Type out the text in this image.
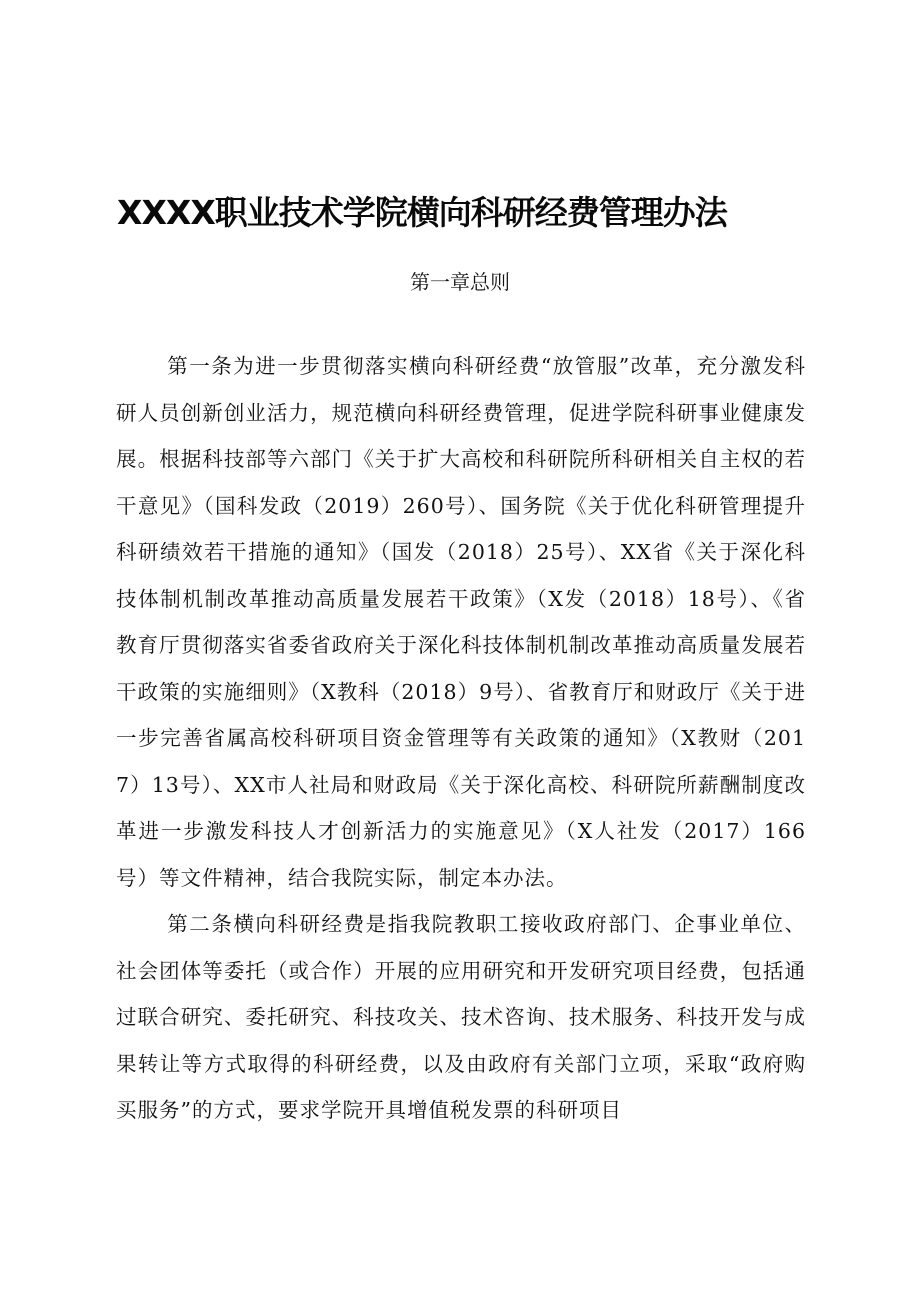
XXXX职业技术学院横向科研经费管理办法
第一章总则

第一条为进一步贯彻落实横向科研经费“放管服”改革，充分激发科研人员创新创业活力，规范横向科研经费管理，促进学院科研事业健康发展。根据科技部等六部门《关于扩大高校和科研院所科研相关自主权的若干意见》（国科发政（2019）260号）、国务院《关于优化科研管理提升科研绩效若干措施的通知》（国发（2018）25号）、XX省《关于深化科技体制机制改革推动高质量发展若干政策》（X发（2018）18号）、《省教育厅贯彻落实省委省政府关于深化科技体制机制改革推动高质量发展若干政策的实施细则》（X教科（2018）9号）、省教育厅和财政厅《关于进一步完善省属高校科研项目资金管理等有关政策的通知》（X教财（2017）13号）、XX市人社局和财政局《关于深化高校、科研院所薪酬制度改革进一步激发科技人才创新活力的实施意见》（X人社发（2017）166号）等文件精神，结合我院实际，制定本办法。

第二条横向科研经费是指我院教职工接收政府部门、企事业单位、社会团体等委托（或合作）开展的应用研究和开发研究项目经费，包括通过联合研究、委托研究、科技攻关、技术咨询、技术服务、科技开发与成果转让等方式取得的科研经费，以及由政府有关部门立项，采取“政府购买服务”的方式，要求学院开具增值税发票的科研项目
